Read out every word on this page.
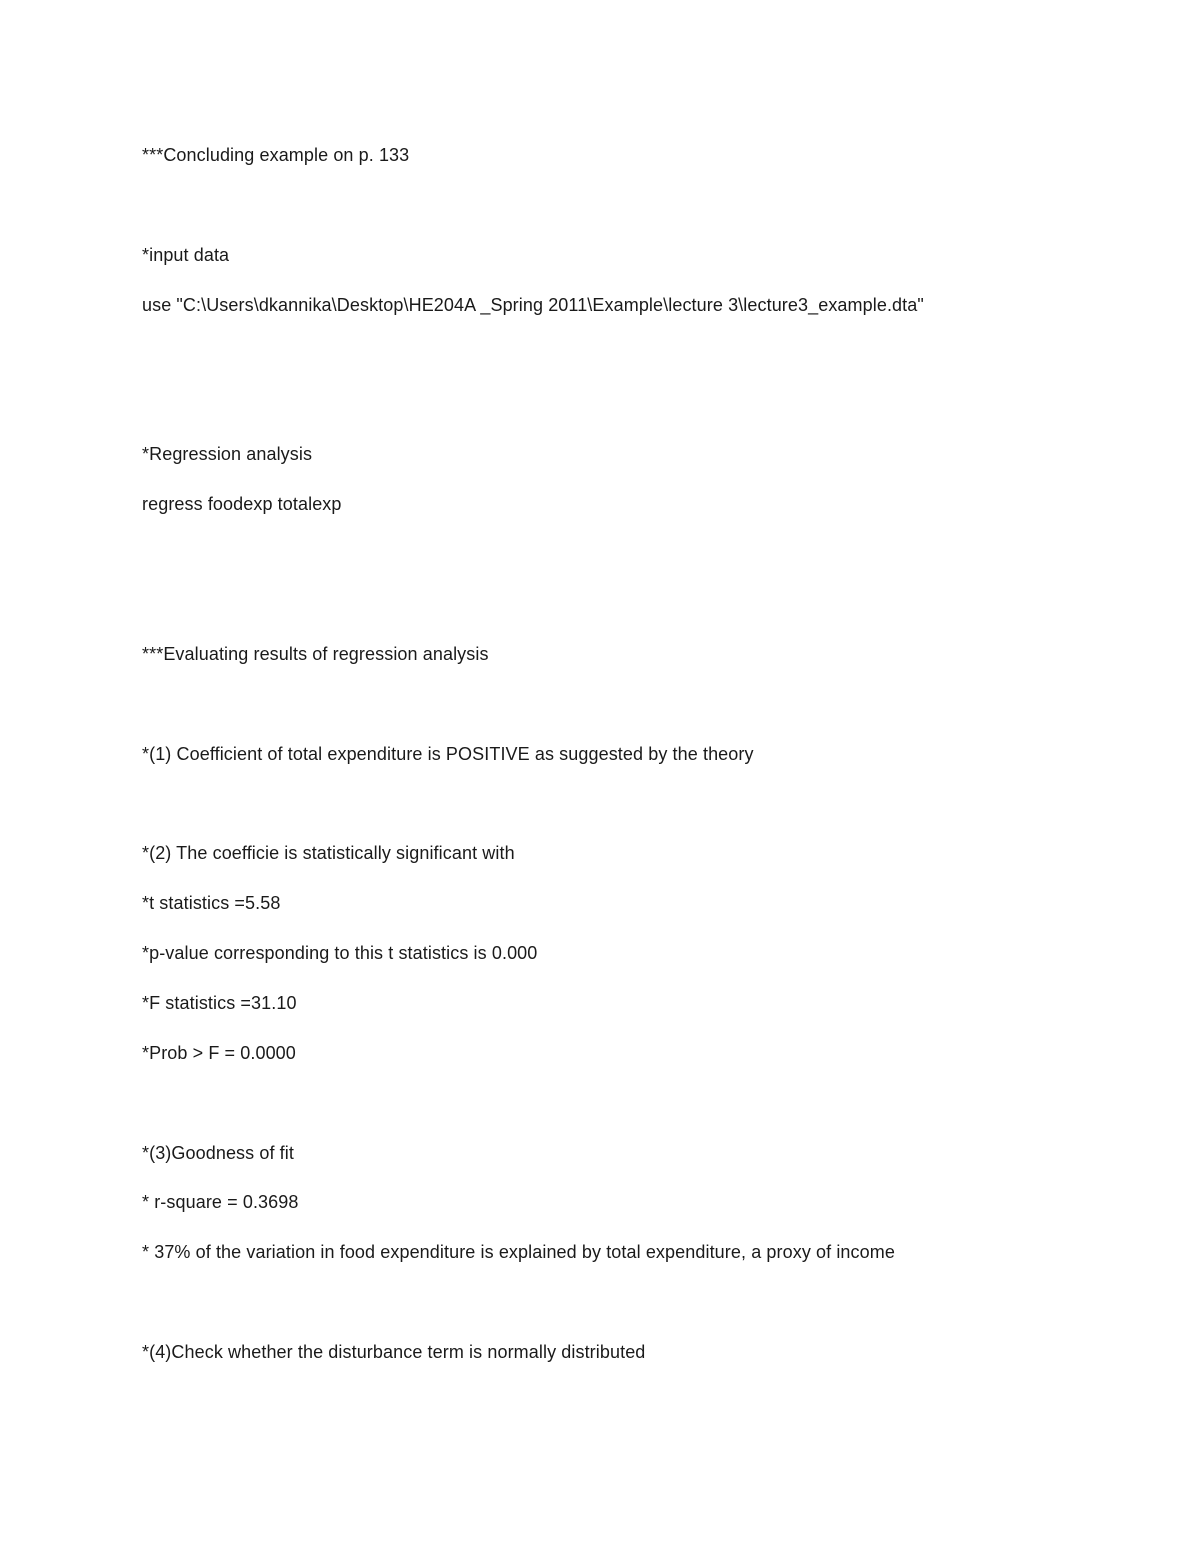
***Concluding example on p. 133
*input data
use "C:\Users\dkannika\Desktop\HE204A _Spring 2011\Example\lecture 3\lecture3_example.dta"
*Regression analysis
regress foodexp totalexp
***Evaluating results of regression analysis
*(1) Coefficient of total expenditure is POSITIVE as suggested by the theory
*(2) The coefficie is statistically significant with
*t statistics =5.58
*p-value corresponding to this t statistics is 0.000
*F statistics =31.10
*Prob > F = 0.0000
*(3)Goodness of fit
* r-square = 0.3698
* 37% of the variation in food expenditure is explained by total expenditure, a proxy of income
*(4)Check whether the disturbance term is normally distributed
